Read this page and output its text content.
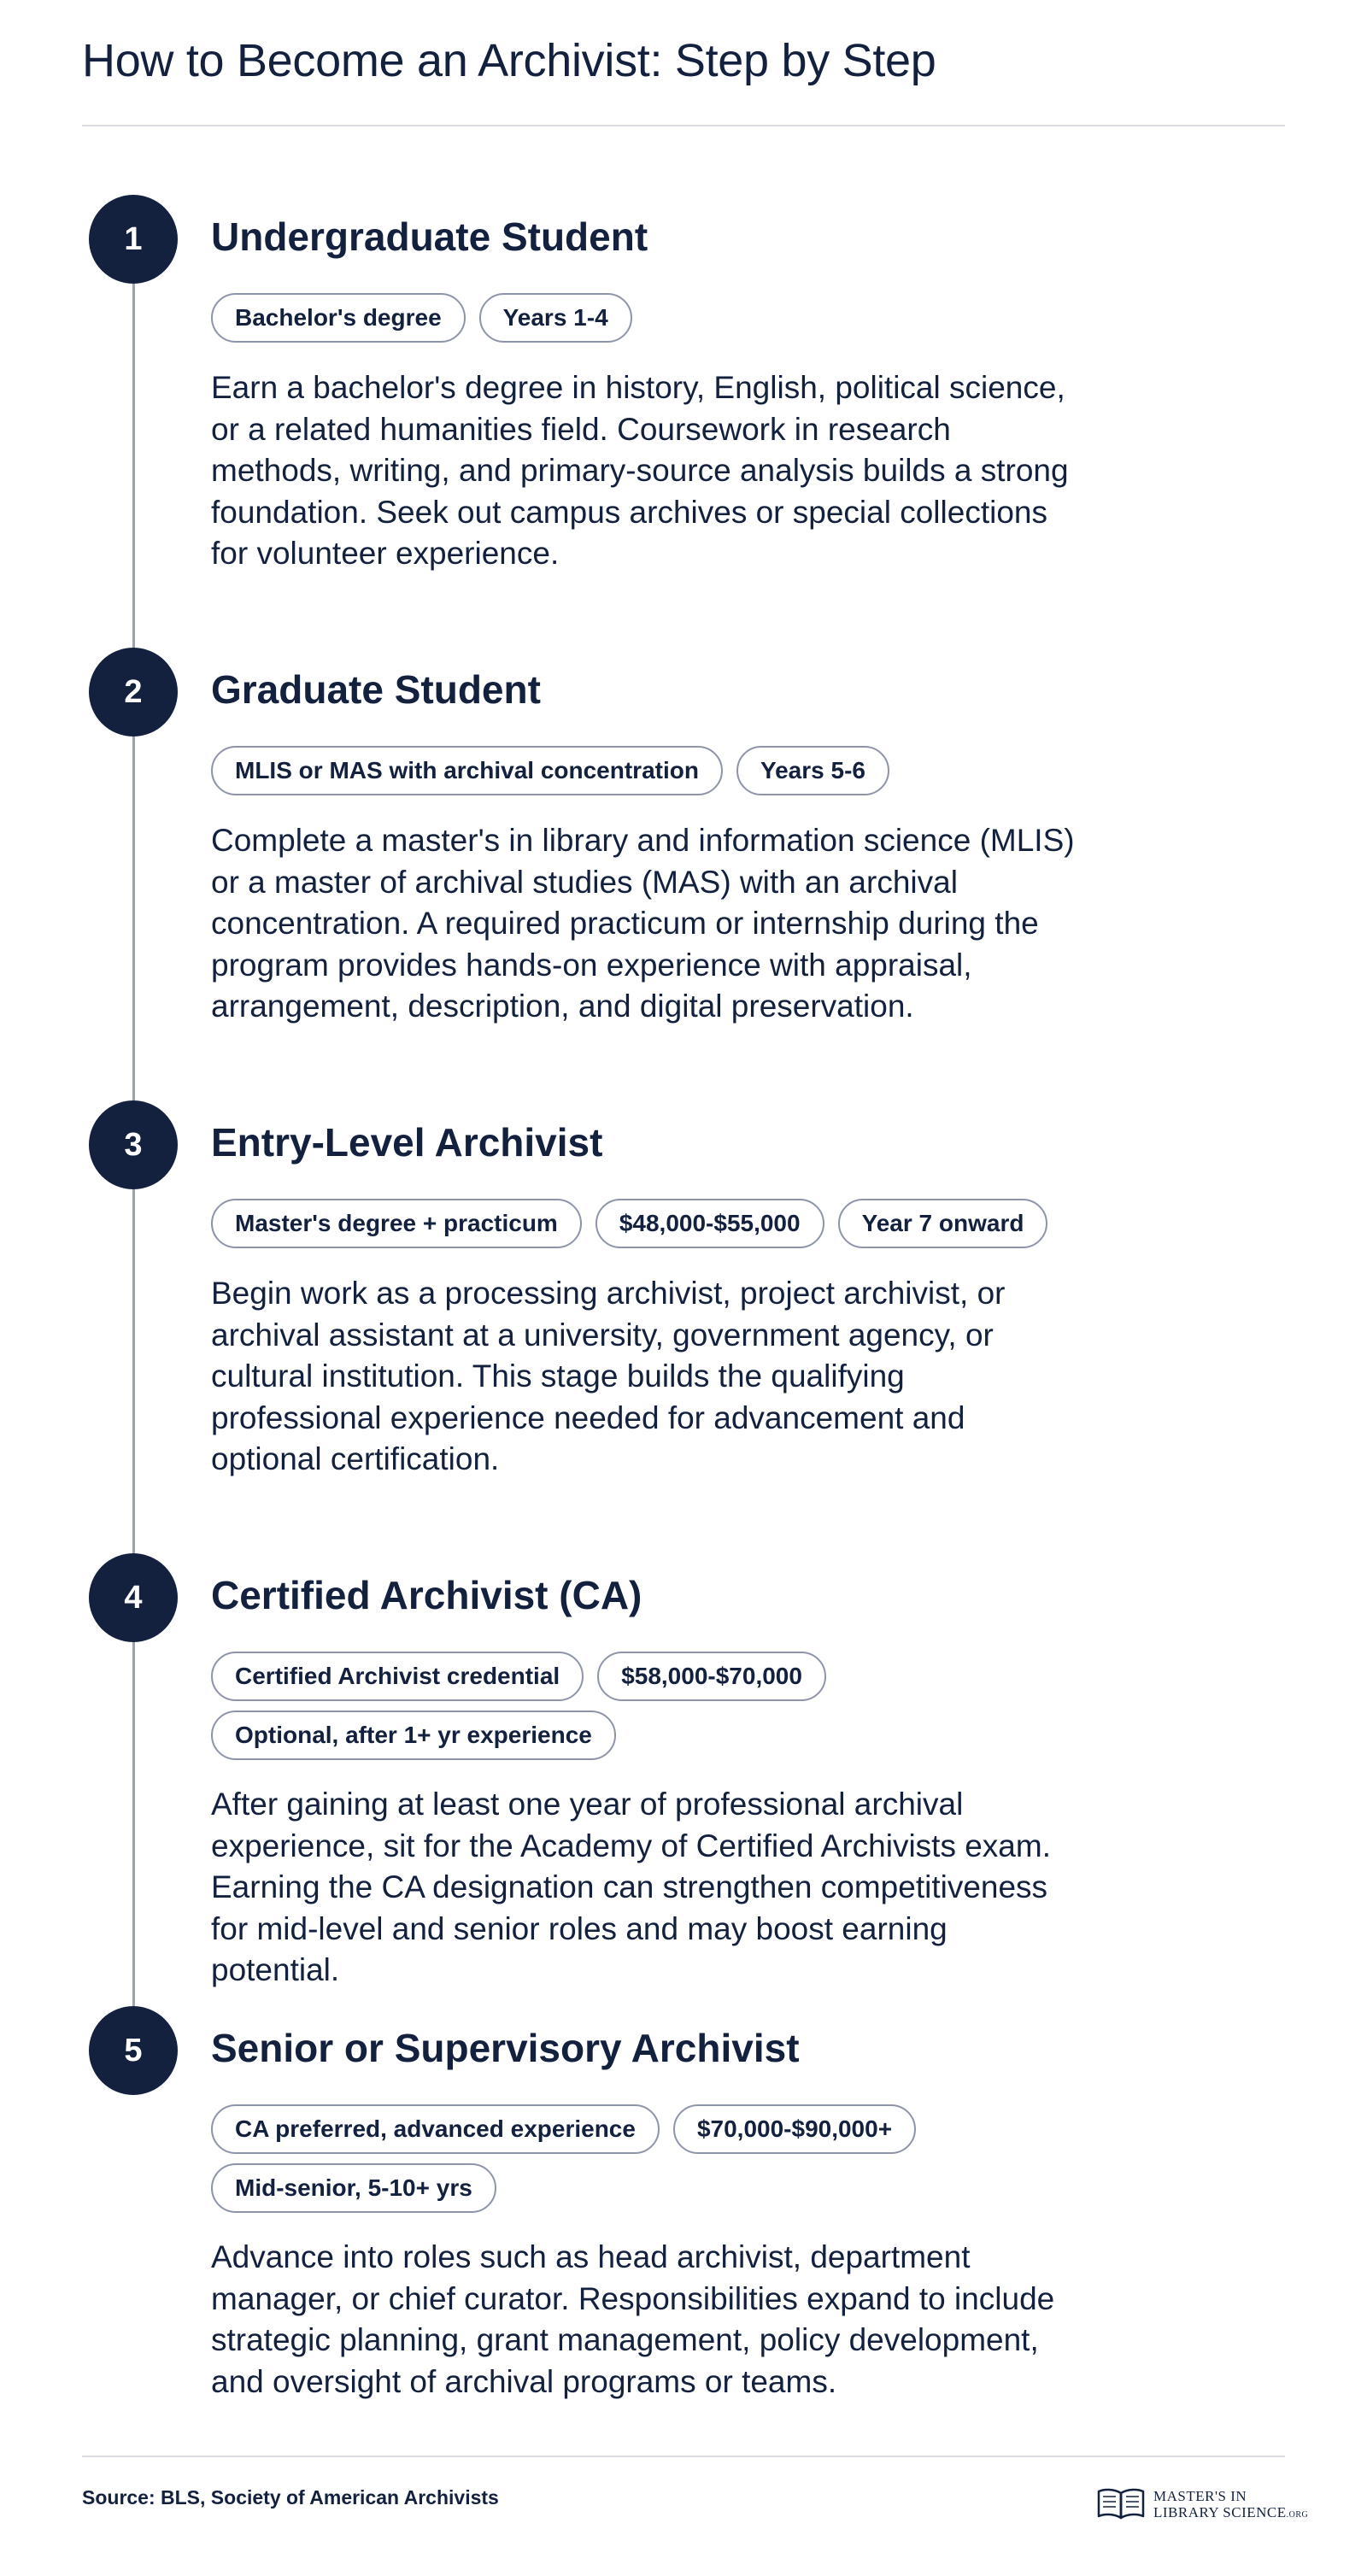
How to Become an Archivist: Step by Step
1	Undergraduate Student
Bachelor's degree	Years 1-4

Earn a bachelor's degree in history, English, political science, or a related humanities field. Coursework in research methods, writing, and primary-source analysis builds a strong foundation. Seek out campus archives or special collections for volunteer experience.

2	Graduate Student
MLIS or MAS with archival concentration	Years 5-6

Complete a master's in library and information science (MLIS) or a master of archival studies (MAS) with an archival concentration. A required practicum or internship during the program provides hands-on experience with appraisal, arrangement, description, and digital preservation.

3	Entry-Level Archivist
Master's degree + practicum	$48,000-$55,000	Year 7 onward

Begin work as a processing archivist, project archivist, or archival assistant at a university, government agency, or cultural institution. This stage builds the qualifying professional experience needed for advancement and optional certification.

4	Certified Archivist (CA)
Certified Archivist credential	$58,000-$70,000
Optional, after 1+ yr experience

After gaining at least one year of professional archival experience, sit for the Academy of Certified Archivists exam. Earning the CA designation can strengthen competitiveness for mid-level and senior roles and may boost earning potential.

5	Senior or Supervisory Archivist
CA preferred, advanced experience	$70,000-$90,000+
Mid-senior, 5-10+ yrs

Advance into roles such as head archivist, department manager, or chief curator. Responsibilities expand to include strategic planning, grant management, policy development, and oversight of archival programs or teams.

Source: BLS, Society of American Archivists	MASTER'S IN
LIBRARY SCIENCE.ORG
